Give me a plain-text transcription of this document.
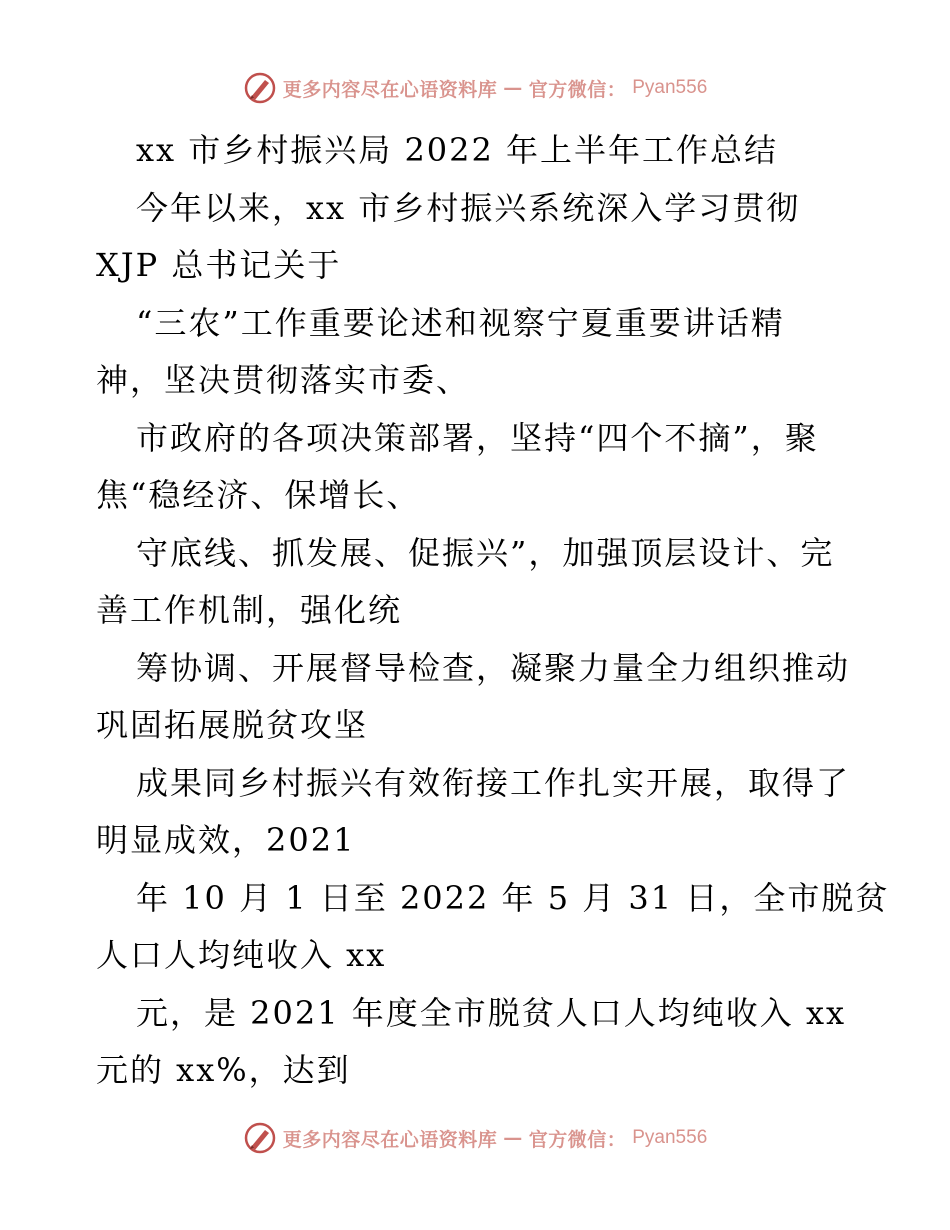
更多内容尽在心语资料库 — 官方微信： Pyan556
xx 市乡村振兴局 2022 年上半年工作总结
今年以来，xx 市乡村振兴系统深入学习贯彻
XJP 总书记关于
“三农”工作重要论述和视察宁夏重要讲话精
神，坚决贯彻落实市委、
市政府的各项决策部署，坚持“四个不摘”，聚
焦“稳经济、保增长、
守底线、抓发展、促振兴”，加强顶层设计、完
善工作机制，强化统
筹协调、开展督导检查，凝聚力量全力组织推动
巩固拓展脱贫攻坚
成果同乡村振兴有效衔接工作扎实开展，取得了
明显成效，2021
年 10 月 1 日至 2022 年 5 月 31 日，全市脱贫
人口人均纯收入 xx
元，是 2021 年度全市脱贫人口人均纯收入 xx
元的 xx%，达到
更多内容尽在心语资料库 — 官方微信： Pyan556
